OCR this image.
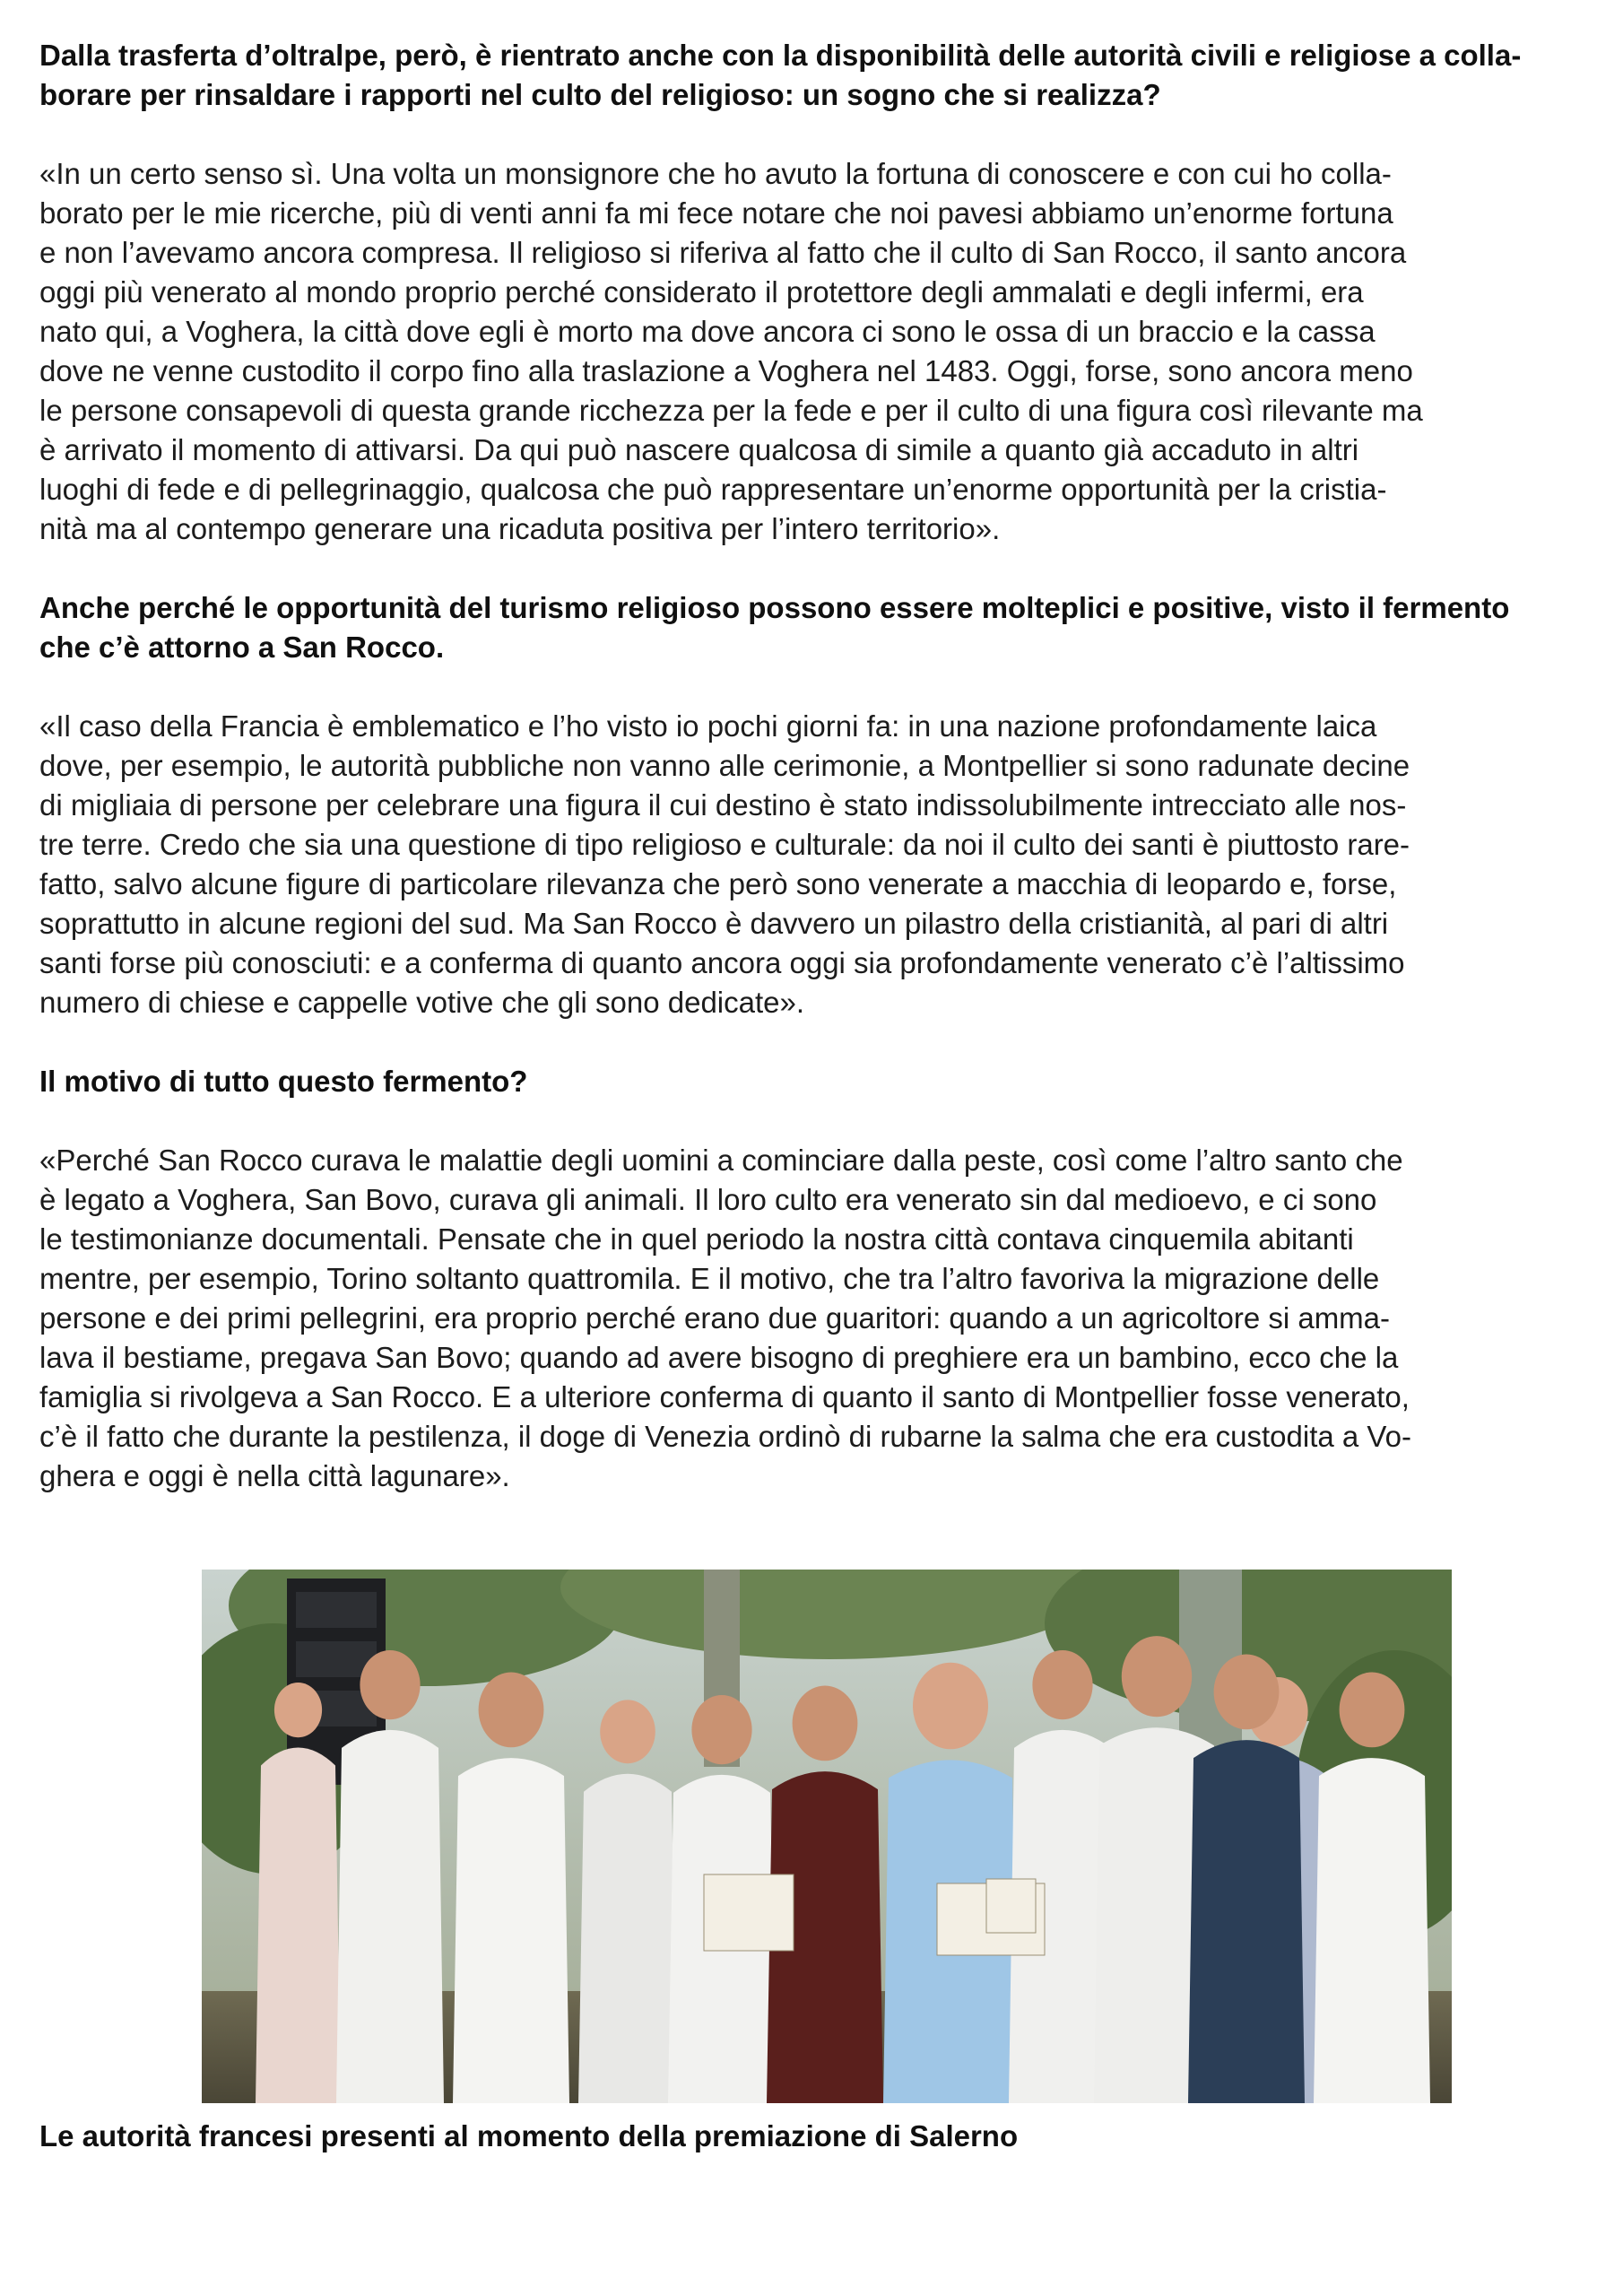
Dalla trasferta d’oltralpe, però, è rientrato anche con la disponibilità delle autorità civili e religiose a colla-
borare per rinsaldare i rapporti nel culto del religioso: un sogno che si realizza?

«In un certo senso sì. Una volta un monsignore che ho avuto la fortuna di conoscere e con cui ho colla-
borato per le mie ricerche, più di venti anni fa mi fece notare che noi pavesi abbiamo un’enorme fortuna
e non l’avevamo ancora compresa. Il religioso si riferiva al fatto che il culto di San Rocco, il santo ancora
oggi più venerato al mondo proprio perché considerato il protettore degli ammalati e degli infermi, era
nato qui, a Voghera, la città dove egli è morto ma dove ancora ci sono le ossa di un braccio e la cassa
dove ne venne custodito il corpo fino alla traslazione a Voghera nel 1483. Oggi, forse, sono ancora meno
le persone consapevoli di questa grande ricchezza per la fede e per il culto di una figura così rilevante ma
è arrivato il momento di attivarsi. Da qui può nascere qualcosa di simile a quanto già accaduto in altri
luoghi di fede e di pellegrinaggio, qualcosa che può rappresentare un’enorme opportunità per la cristia-
nità ma al contempo generare una ricaduta positiva per l’intero territorio».

Anche perché le opportunità del turismo religioso possono essere molteplici e positive, visto il fermento
che c’è attorno a San Rocco.

«Il caso della Francia è emblematico e l’ho visto io pochi giorni fa: in una nazione profondamente laica
dove, per esempio, le autorità pubbliche non vanno alle cerimonie, a Montpellier si sono radunate decine
di migliaia di persone per celebrare una figura il cui destino è stato indissolubilmente intrecciato alle nos-
tre terre. Credo che sia una questione di tipo religioso e culturale: da noi il culto dei santi è piuttosto rare-
fatto, salvo alcune figure di particolare rilevanza che però sono venerate a macchia di leopardo e, forse,
soprattutto in alcune regioni del sud. Ma San Rocco è davvero un pilastro della cristianità, al pari di altri
santi forse più conosciuti: e a conferma di quanto ancora oggi sia profondamente venerato c’è l’altissimo
numero di chiese e cappelle votive che gli sono dedicate».

Il motivo di tutto questo fermento?

«Perché San Rocco curava le malattie degli uomini a cominciare dalla peste, così come l’altro santo che
è legato a Voghera, San Bovo, curava gli animali. Il loro culto era venerato sin dal medioevo, e ci sono
le testimonianze documentali. Pensate che in quel periodo la nostra città contava cinquemila abitanti
mentre, per esempio, Torino soltanto quattromila. E il motivo, che tra l’altro favoriva la migrazione delle
persone e dei primi pellegrini, era proprio perché erano due guaritori: quando a un agricoltore si amma-
lava il bestiame, pregava San Bovo; quando ad avere bisogno di preghiere era un bambino, ecco che la
famiglia si rivolgeva a San Rocco. E a ulteriore conferma di quanto il santo di Montpellier fosse venerato,
c’è il fatto che durante la pestilenza, il doge di Venezia ordinò di rubarne la salma che era custodita a Vo-
ghera e oggi è nella città lagunare».

Le autorità francesi presenti al momento della premiazione di Salerno
